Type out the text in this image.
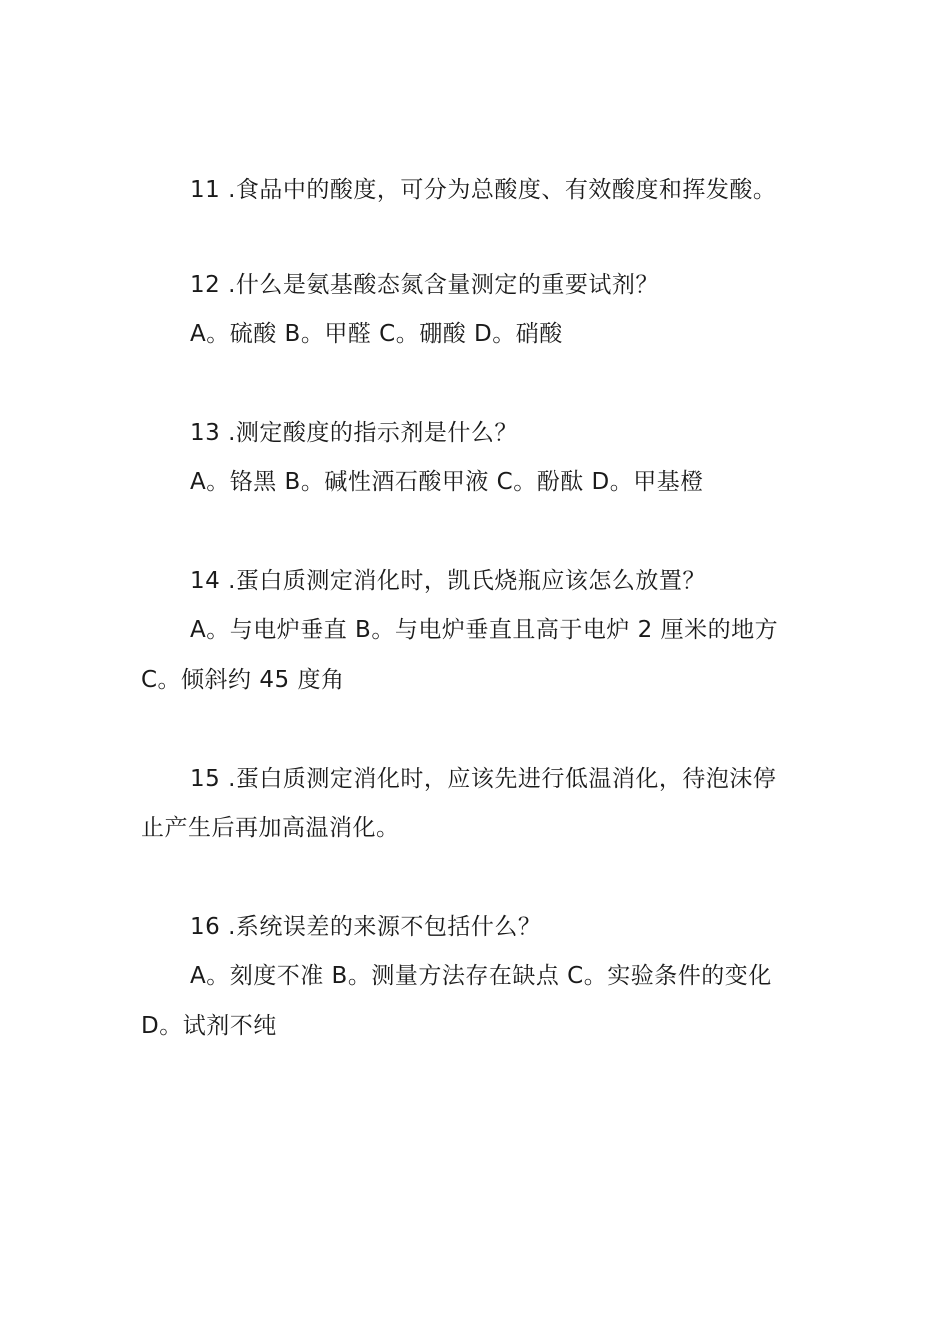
11 .食品中的酸度，可分为总酸度、有效酸度和挥发酸。
12 .什么是氨基酸态氮含量测定的重要试剂？
A。硫酸 B。甲醛 C。硼酸 D。硝酸
13 .测定酸度的指示剂是什么？
A。铬黑 B。碱性酒石酸甲液 C。酚酞 D。甲基橙
14 .蛋白质测定消化时，凯氏烧瓶应该怎么放置？
A。与电炉垂直 B。与电炉垂直且高于电炉 2 厘米的地方
C。倾斜约 45 度角
15 .蛋白质测定消化时，应该先进行低温消化，待泡沫停
止产生后再加高温消化。
16 .系统误差的来源不包括什么？
A。刻度不准 B。测量方法存在缺点 C。实验条件的变化
D。试剂不纯
